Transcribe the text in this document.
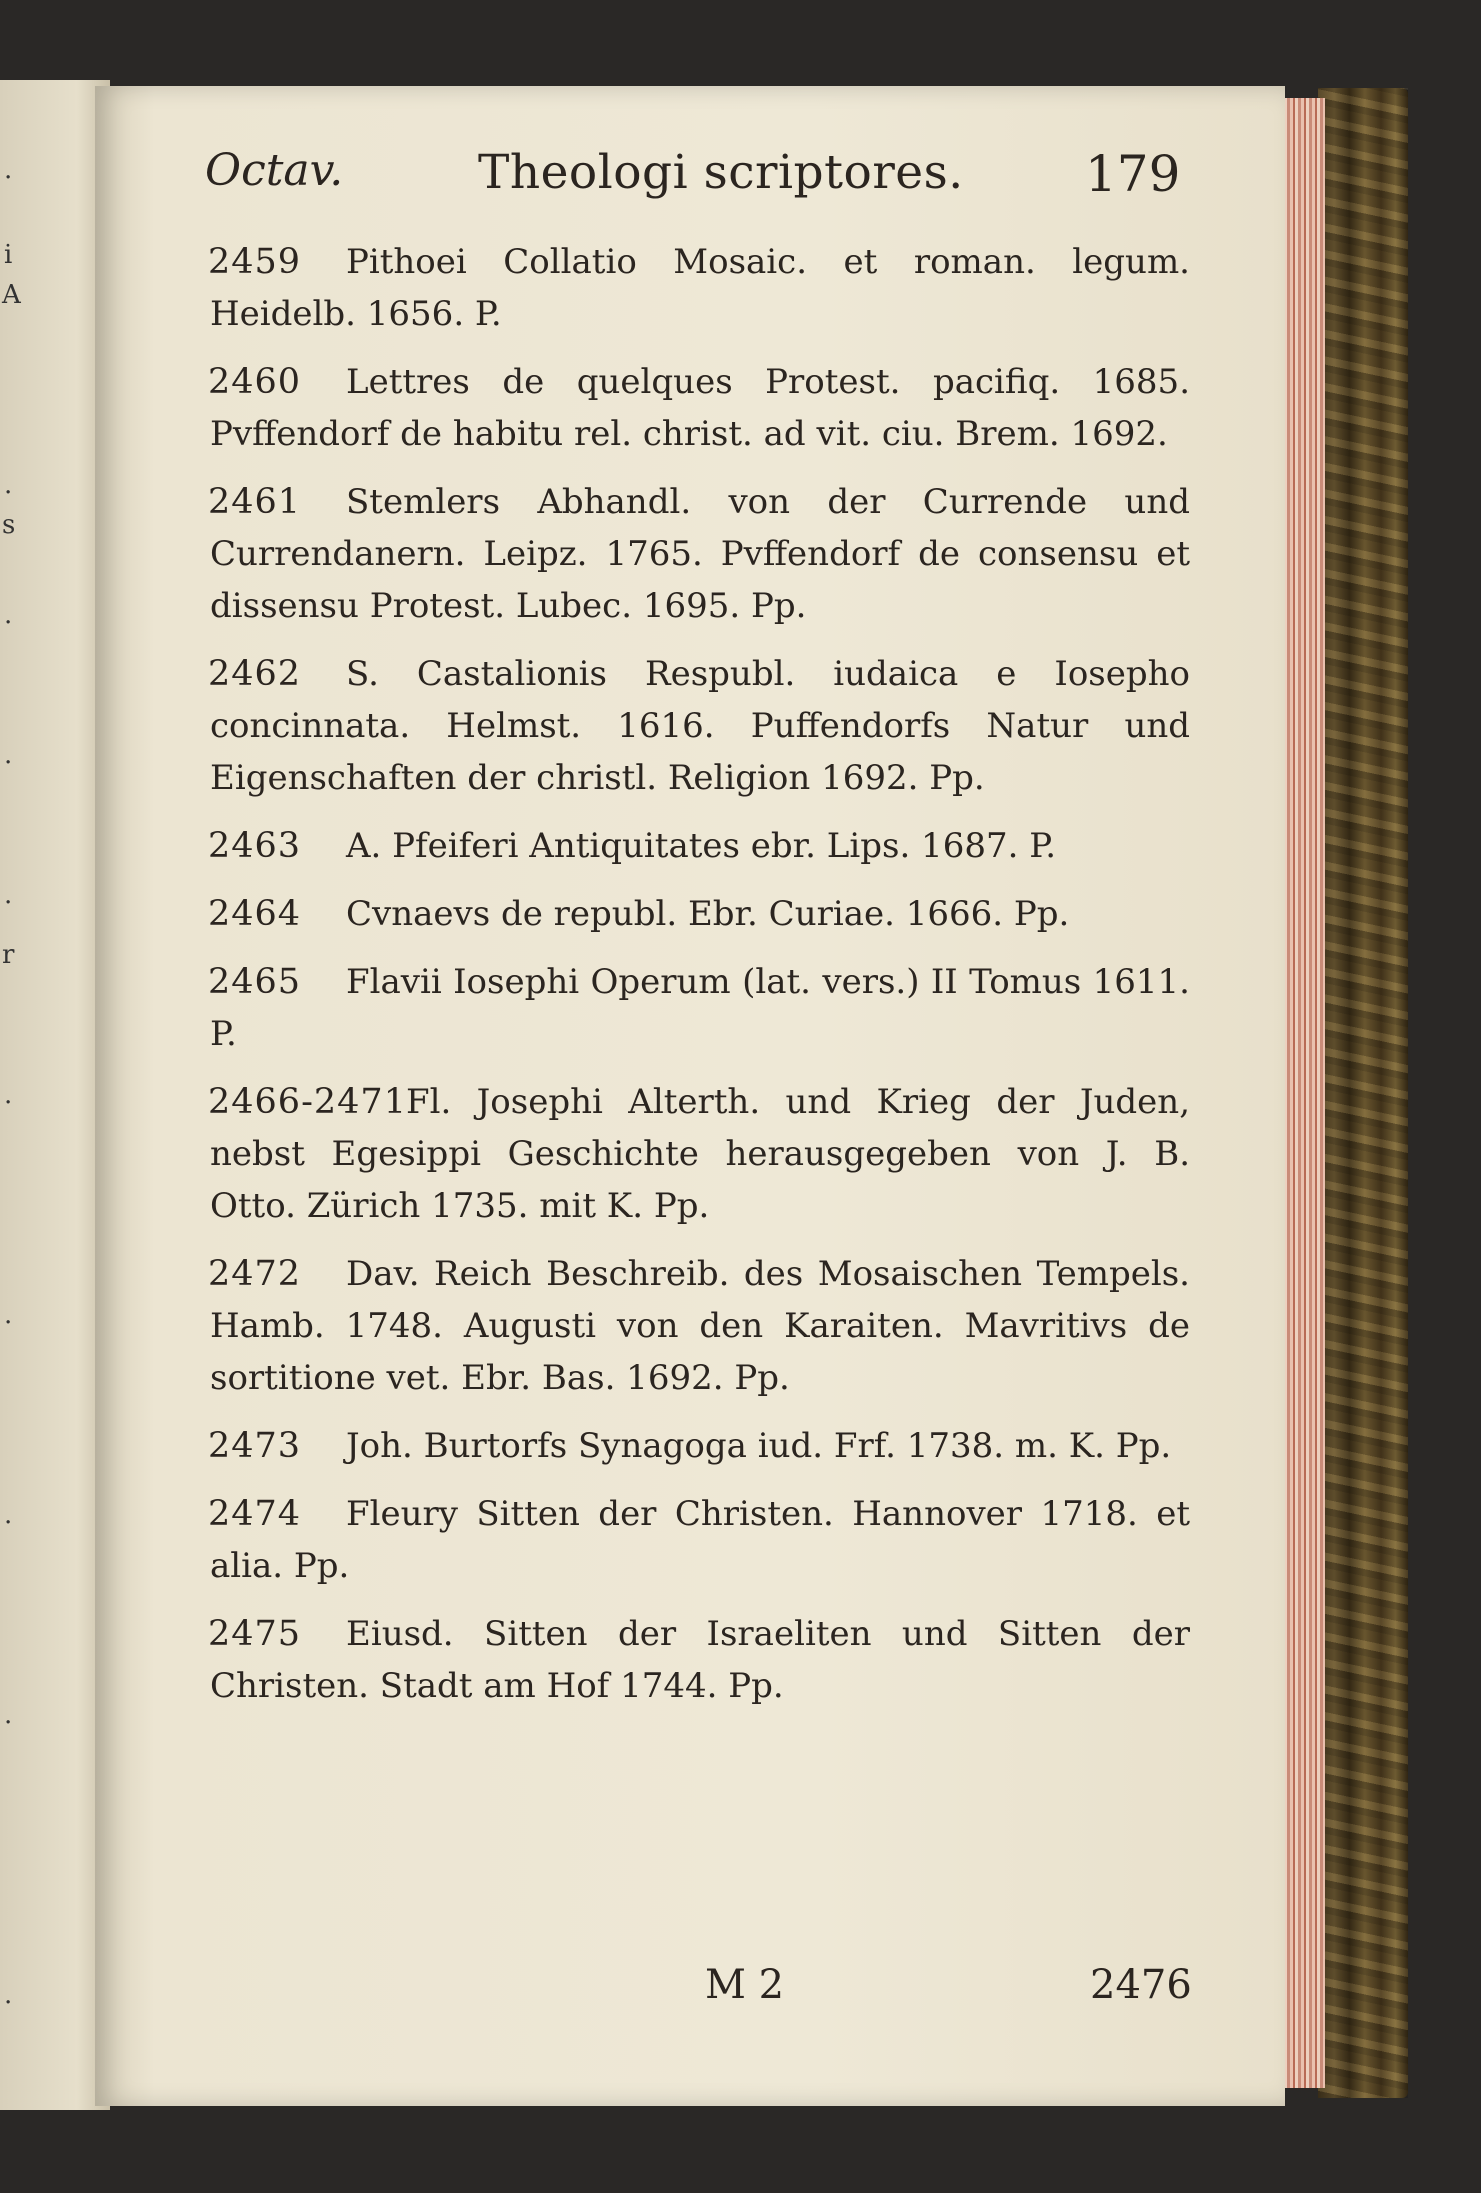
.
i
A
.
s
.
.
.
r
.
.
.
.
.
Octav.	Theologi scriptores. 179
2459	Pithoei Collatio Mosaic. et roman. legum. Heidelb. 1656. P.
2460	Lettres de quelques Protest. pacifiq. 1685. Pvffendorf de habitu rel. christ. ad vit. ciu. Brem. 1692.
2461	Stemlers Abhandl. von der Currende und Currendanern. Leipz. 1765. Pvffendorf de consensu et dissensu Protest. Lubec. 1695. Pp.
2462	S. Castalionis Respubl. iudaica e Iosepho concinnata. Helmst. 1616. Puffendorfs Natur und Eigenschaften der christl. Religion 1692. Pp.
2463	A. Pfeiferi Antiquitates ebr. Lips. 1687. P.
2464	Cvnaevs de republ. Ebr. Curiae. 1666. Pp.
2465	Flavii Iosephi Operum (lat. vers.) II Tomus 1611. P.
2466-2471 Fl. Josephi Alterth. und Krieg der Juden, nebst Egesippi Geschichte herausgegeben von J. B. Otto. Zürich 1735. mit K. Pp.
2472	Dav. Reich Beschreib. des Mosaischen Tempels. Hamb. 1748. Augusti von den Karaiten. Mavritivs de sortitione vet. Ebr. Bas. 1692. Pp.
2473	Joh. Burtorfs Synagoga iud. Frf. 1738. m. K. Pp.
2474	Fleury Sitten der Christen. Hannover 1718. et alia. Pp.
2475	Eiusd. Sitten der Israeliten und Sitten der Christen. Stadt am Hof 1744. Pp.
M 2	2476
